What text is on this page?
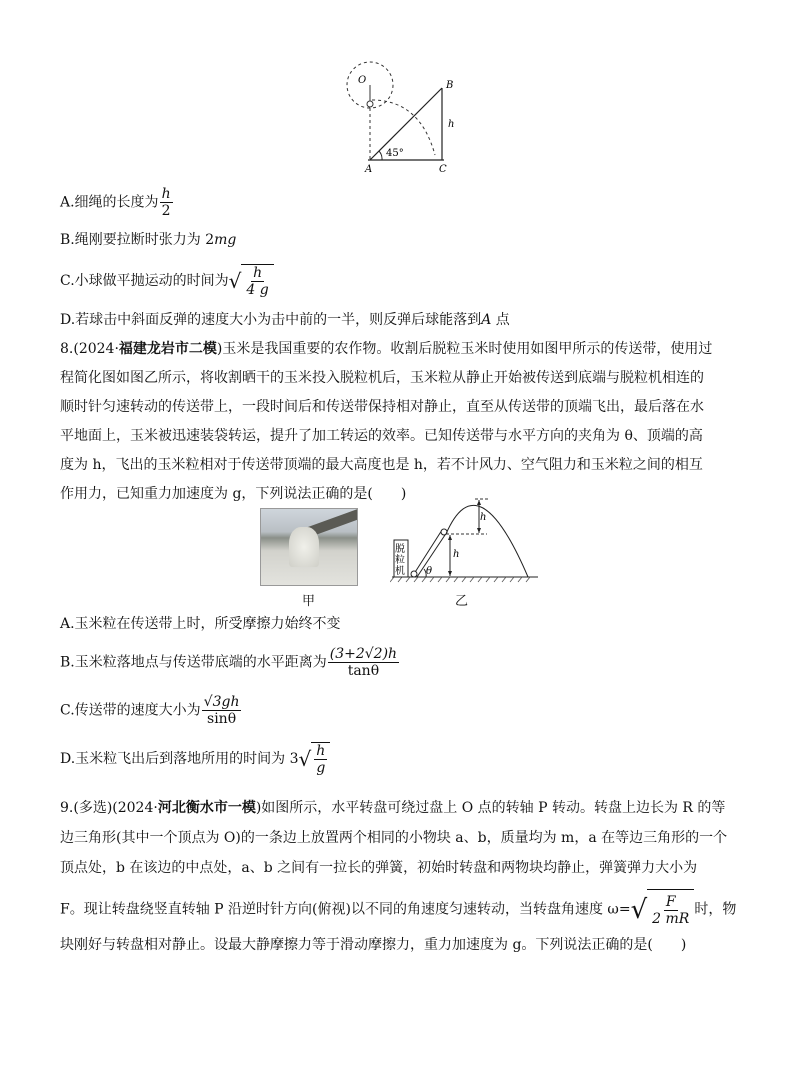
O	B
h
45°
A	C
A.细绳的长度为 $\frac{h}{2}$
B.绳刚要拉断时张力为 2mg
C.小球做平抛运动的时间为 √ $\frac{h}{4 g}$
D.若球击中斜面反弹的速度大小为击中前的一半，则反弹后球能落到A 点
8.(2024·福建龙岩市二模)玉米是我国重要的农作物。收割后脱粒玉米时使用如图甲所示的传送带，使用过
程简化图如图乙所示，将收割晒干的玉米投入脱粒机后，玉米粒从静止开始被传送到底端与脱粒机相连的
顺时针匀速转动的传送带上，一段时间后和传送带保持相对静止，直至从传送带的顶端飞出，最后落在水
平地面上，玉米被迅速装袋转运，提升了加工转运的效率。已知传送带与水平方向的夹角为 θ、顶端的高
度为 h，飞出的玉米粒相对于传送带顶端的最大高度也是 h，若不计风力、空气阻力和玉米粒之间的相互
作用力，已知重力加速度为 g，下列说法正确的是(　　)
甲
脱
粒
机 θ
h
h
乙
A.玉米粒在传送带上时，所受摩擦力始终不变
B.玉米粒落地点与传送带底端的水平距离为 $\frac{(3+2√2)h}{\tan\theta}$
C.传送带的速度大小为 $\frac{√3gh}{\sin\theta}$
D.玉米粒飞出后到落地所用的时间为 3 √ $\frac{h}{g}$
9.(多选)(2024·河北衡水市一模)如图所示，水平转盘可绕过盘上 O 点的转轴 P 转动。转盘上边长为 R 的等
边三角形(其中一个顶点为 O)的一条边上放置两个相同的小物块 a、b，质量均为 m，a 在等边三角形的一个
顶点处，b 在该边的中点处，a、b 之间有一拉长的弹簧，初始时转盘和两物块均静止，弹簧弹力大小为
F。现让转盘绕竖直转轴 P 沿逆时针方向(俯视)以不同的角速度匀速转动，当转盘角速度 ω= √ $\frac{F}{2 mR}$ 时，物
块刚好与转盘相对静止。设最大静摩擦力等于滑动摩擦力，重力加速度为 g。下列说法正确的是(　　)
